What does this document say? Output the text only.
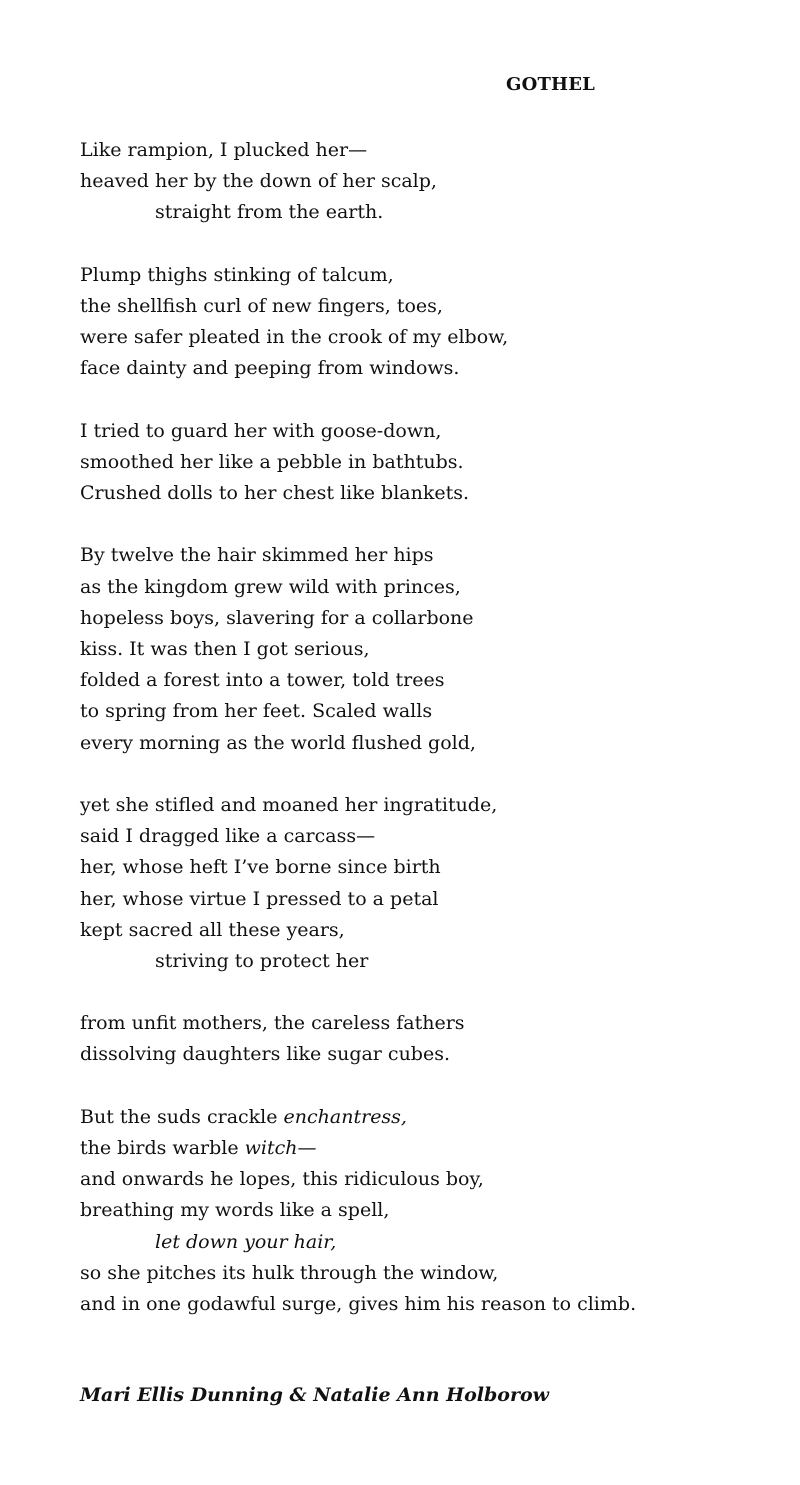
GOTHEL
Like rampion, I plucked her—
heaved her by the down of her scalp,
straight from the earth.
Plump thighs stinking of talcum,
the shellfish curl of new fingers, toes,
were safer pleated in the crook of my elbow,
face dainty and peeping from windows.
I tried to guard her with goose-down,
smoothed her like a pebble in bathtubs.
Crushed dolls to her chest like blankets.
By twelve the hair skimmed her hips
as the kingdom grew wild with princes,
hopeless boys, slavering for a collarbone
kiss. It was then I got serious,
folded a forest into a tower, told trees
to spring from her feet. Scaled walls
every morning as the world flushed gold,
yet she stifled and moaned her ingratitude,
said I dragged like a carcass—
her, whose heft I’ve borne since birth
her, whose virtue I pressed to a petal
kept sacred all these years,
striving to protect her
from unfit mothers, the careless fathers
dissolving daughters like sugar cubes.
But the suds crackle enchantress,
the birds warble witch—
and onwards he lopes, this ridiculous boy,
breathing my words like a spell,
let down your hair,
so she pitches its hulk through the window,
and in one godawful surge, gives him his reason to climb.
Mari Ellis Dunning & Natalie Ann Holborow
